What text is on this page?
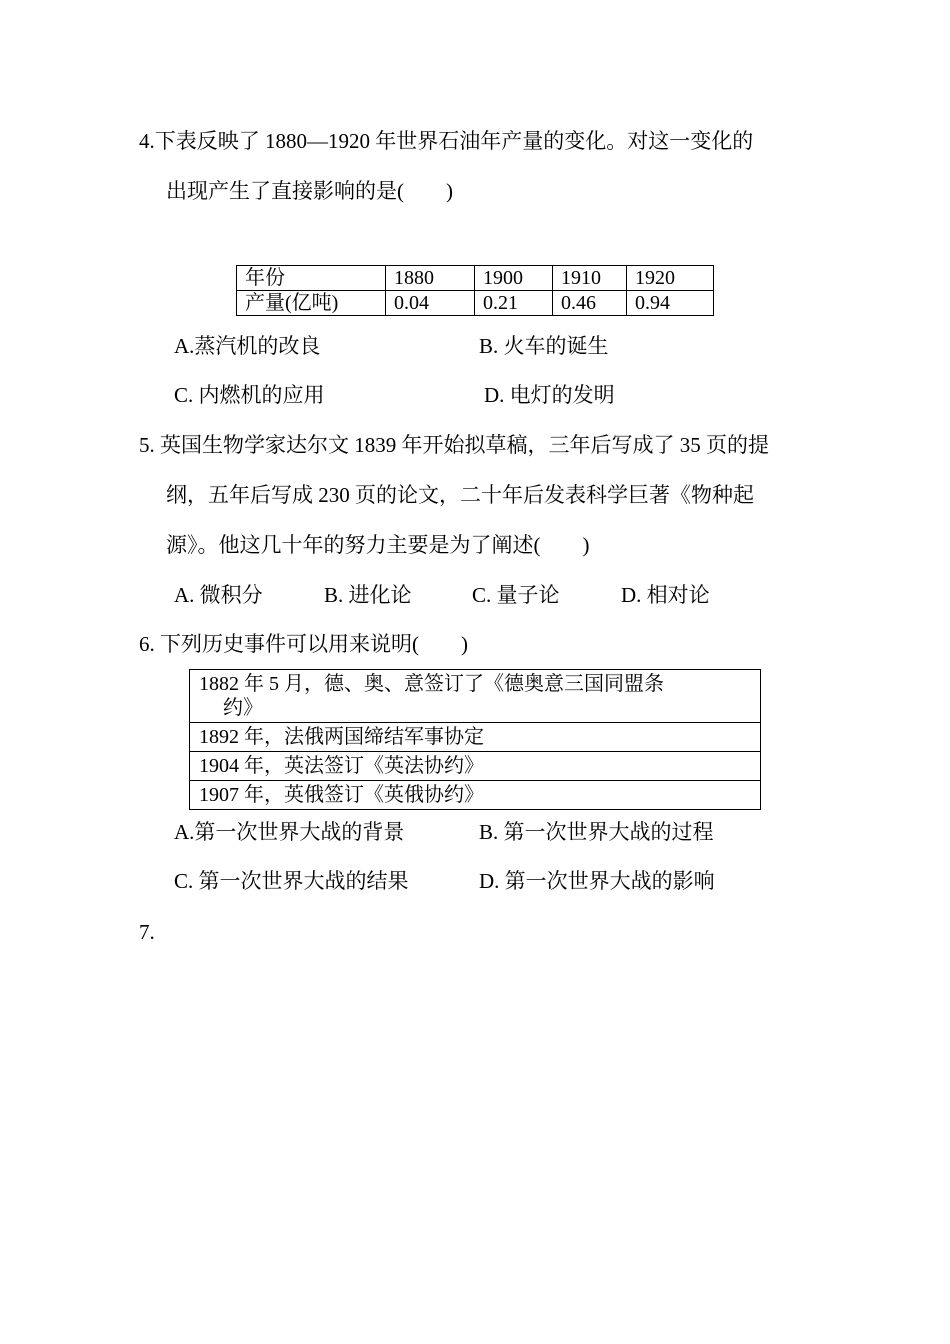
4.下表反映了 1880—1920 年世界石油年产量的变化。对这一变化的
出现产生了直接影响的是(　　)
年份	1880	1900	1910	1920
产量(亿吨)	0.04	0.21	0.46	0.94
A.蒸汽机的改良	B. 火车的诞生
C. 内燃机的应用	D. 电灯的发明
5. 英国生物学家达尔文 1839 年开始拟草稿，三年后写成了 35 页的提
纲，五年后写成 230 页的论文，二十年后发表科学巨著《物种起
源》。他这几十年的努力主要是为了阐述(　　)
A. 微积分	B. 进化论	C. 量子论	D. 相对论
6. 下列历史事件可以用来说明(　　)
1882 年 5 月，德、奥、意签订了《德奥意三国同盟条
约》

1892 年，法俄两国缔结军事协定
1904 年，英法签订《英法协约》
1907 年，英俄签订《英俄协约》
A.第一次世界大战的背景	B. 第一次世界大战的过程
C. 第一次世界大战的结果	D. 第一次世界大战的影响
7.
